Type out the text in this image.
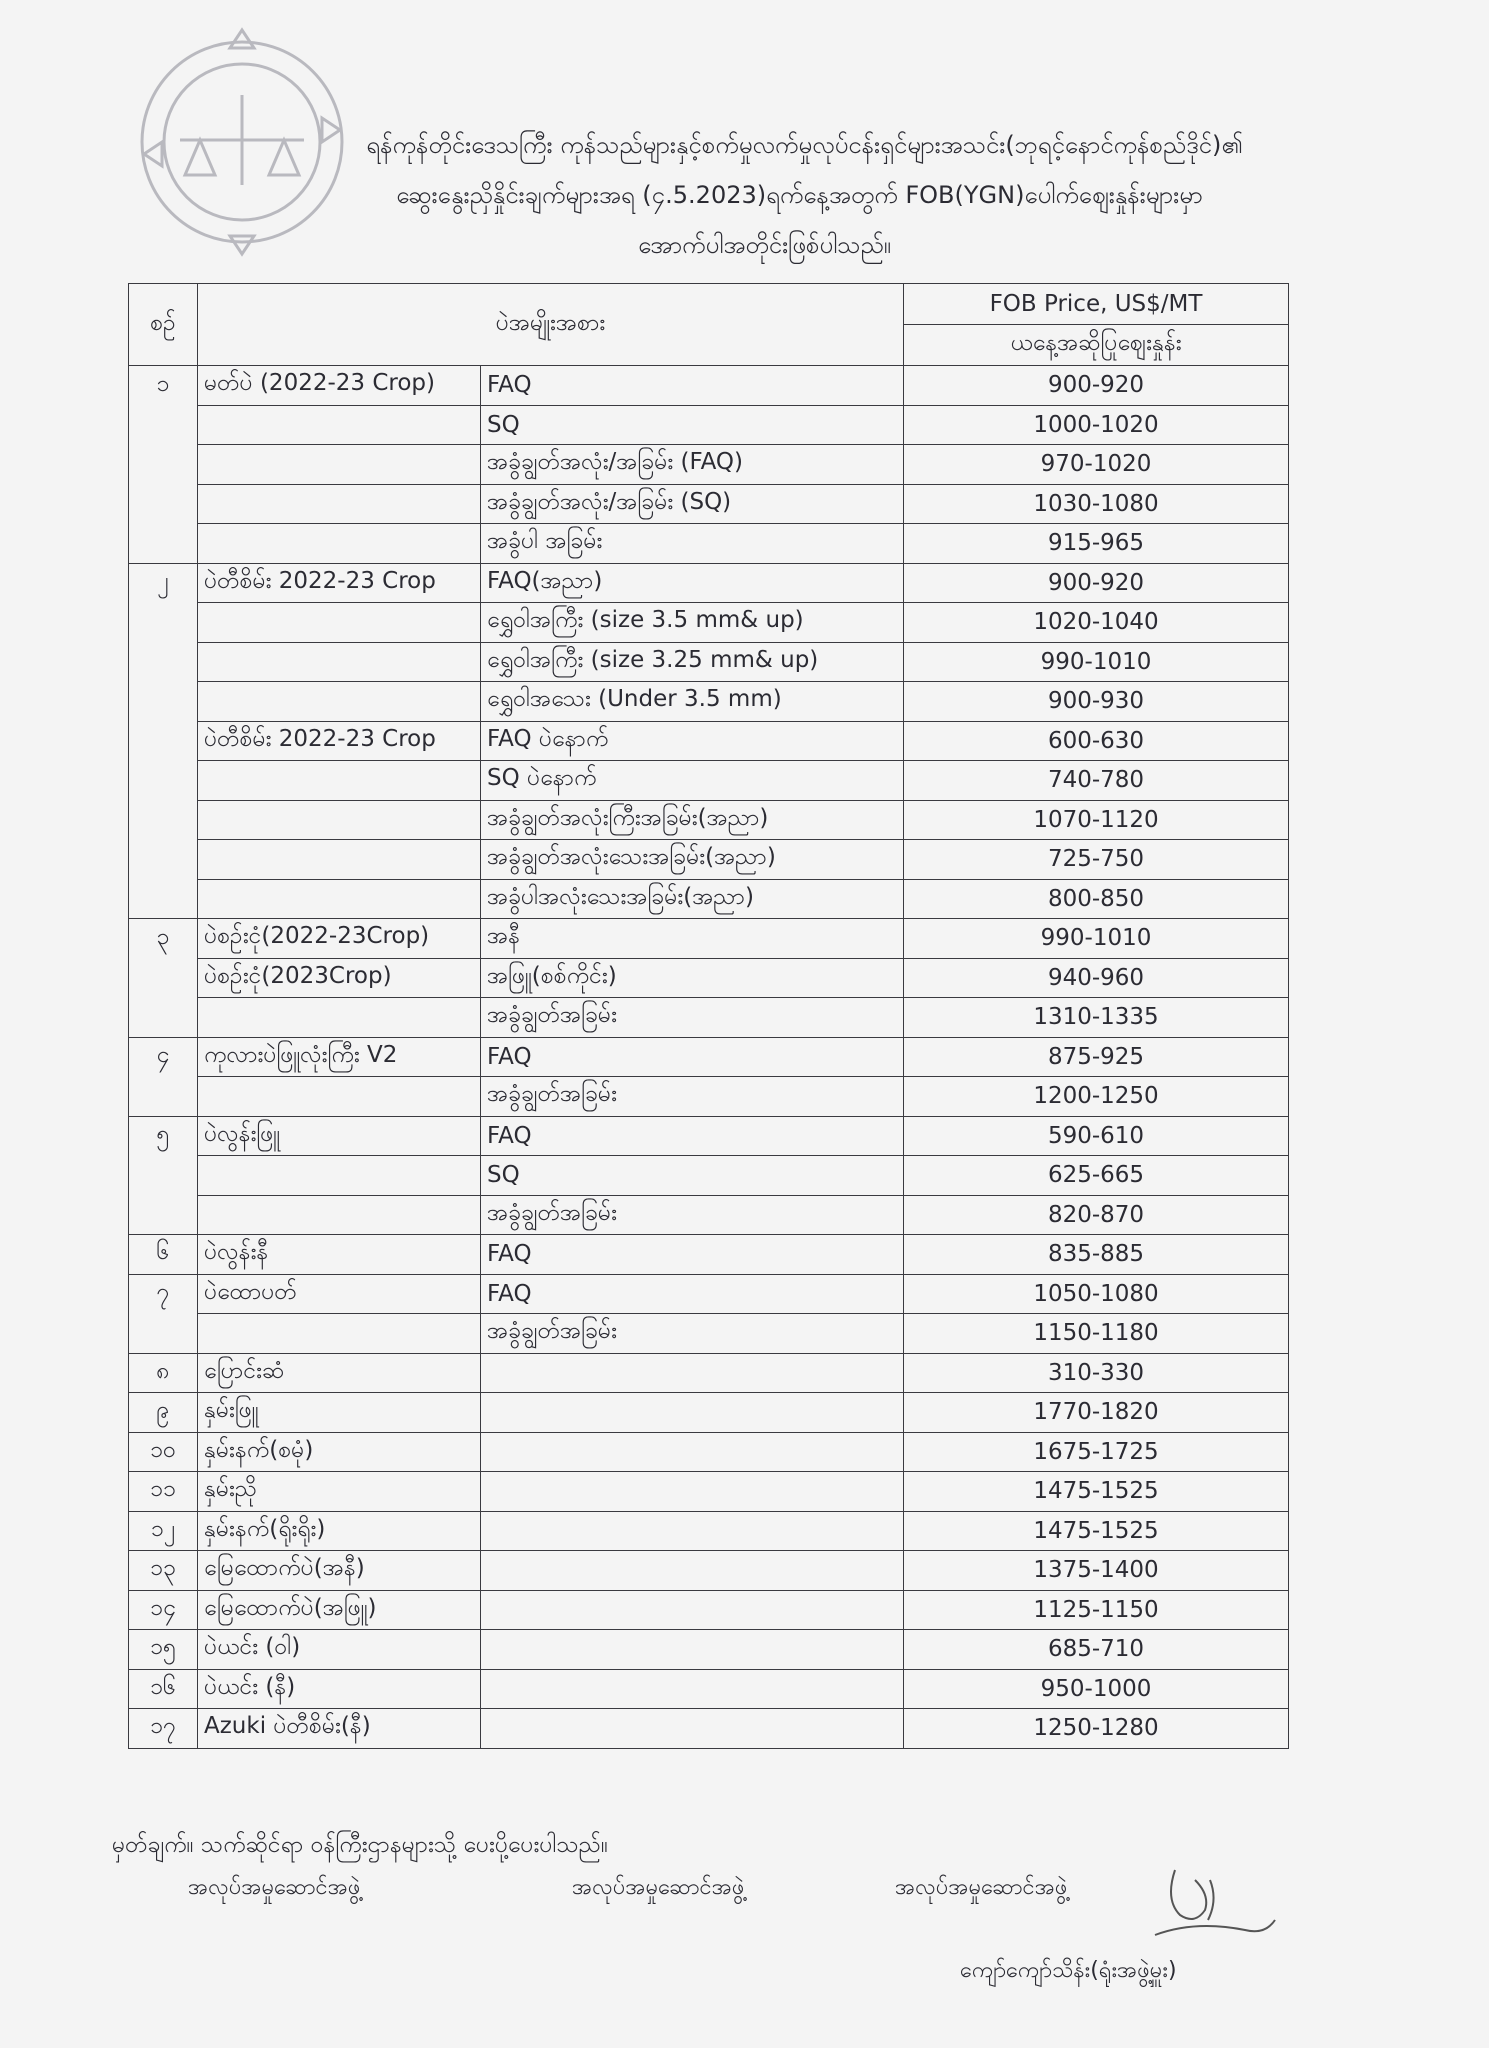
ရန်ကုန်တိုင်းဒေသကြီး ကုန်သည်များနှင့်စက်မှုလက်မှုလုပ်ငန်းရှင်များအသင်း(ဘုရင့်နောင်ကုန်စည်ဒိုင်)၏
ဆွေးနွေးညှိနှိုင်းချက်များအရ (၄.5.2023)ရက်နေ့အတွက် FOB(YGN)ပေါက်ဈေးနှုန်းများမှာ
အောက်ပါအတိုင်းဖြစ်ပါသည်။
စဉ်	ပဲအမျိုးအစား		FOB Price, US$/MT
			ယနေ့အဆိုပြုဈေးနှုန်း
၁	မတ်ပဲ (2022-23 Crop)	FAQ	900-920
		SQ	1000-1020
		အခွံချွတ်အလုံး/အခြမ်း (FAQ)	970-1020
		အခွံချွတ်အလုံး/အခြမ်း (SQ)	1030-1080
		အခွံပါ အခြမ်း	915-965
၂	ပဲတီစိမ်း 2022-23 Crop	FAQ(အညာ)	900-920
		ရွှေဝါအကြီး (size 3.5 mm& up)	1020-1040
		ရွှေဝါအကြီး (size 3.25 mm& up)	990-1010
		ရွှေဝါအသေး (Under 3.5 mm)	900-930
	ပဲတီစိမ်း 2022-23 Crop	FAQ ပဲနောက်	600-630
		SQ ပဲနောက်	740-780
		အခွံချွတ်အလုံးကြီးအခြမ်း(အညာ)	1070-1120
		အခွံချွတ်အလုံးသေးအခြမ်း(အညာ)	725-750
		အခွံပါအလုံးသေးအခြမ်း(အညာ)	800-850
၃	ပဲစဉ်းငုံ(2022-23Crop)	အနီ	990-1010
	ပဲစဉ်းငုံ(2023Crop)	အဖြူ(စစ်ကိုင်း)	940-960
		အခွံချွတ်အခြမ်း	1310-1335
၄	ကုလားပဲဖြူလုံးကြီး V2	FAQ	875-925
		အခွံချွတ်အခြမ်း	1200-1250
၅	ပဲလွန်းဖြူ	FAQ	590-610
		SQ	625-665
		အခွံချွတ်အခြမ်း	820-870
၆	ပဲလွန်းနီ	FAQ	835-885
၇	ပဲထောပတ်	FAQ	1050-1080
		အခွံချွတ်အခြမ်း	1150-1180
၈	ပြောင်းဆံ		310-330
၉	နှမ်းဖြူ		1770-1820
၁၀	နှမ်းနက်(စမုံ)		1675-1725
၁၁	နှမ်းညို		1475-1525
၁၂	နှမ်းနက်(ရိုးရိုး)		1475-1525
၁၃	မြေထောက်ပဲ(အနီ)		1375-1400
၁၄	မြေထောက်ပဲ(အဖြူ)		1125-1150
၁၅	ပဲယင်း (ဝါ)		685-710
၁၆	ပဲယင်း (နီ)		950-1000
၁၇	Azuki ပဲတီစိမ်း(နီ)		1250-1280
မှတ်ချက်။ သက်ဆိုင်ရာ ဝန်ကြီးဌာနများသို့ ပေးပို့ပေးပါသည်။
အလုပ်အမှုဆောင်အဖွဲ့	အလုပ်အမှုဆောင်အဖွဲ့	အလုပ်အမှုဆောင်အဖွဲ့
ကျော်ကျော်သိန်း(ရုံးအဖွဲ့မှူး)
